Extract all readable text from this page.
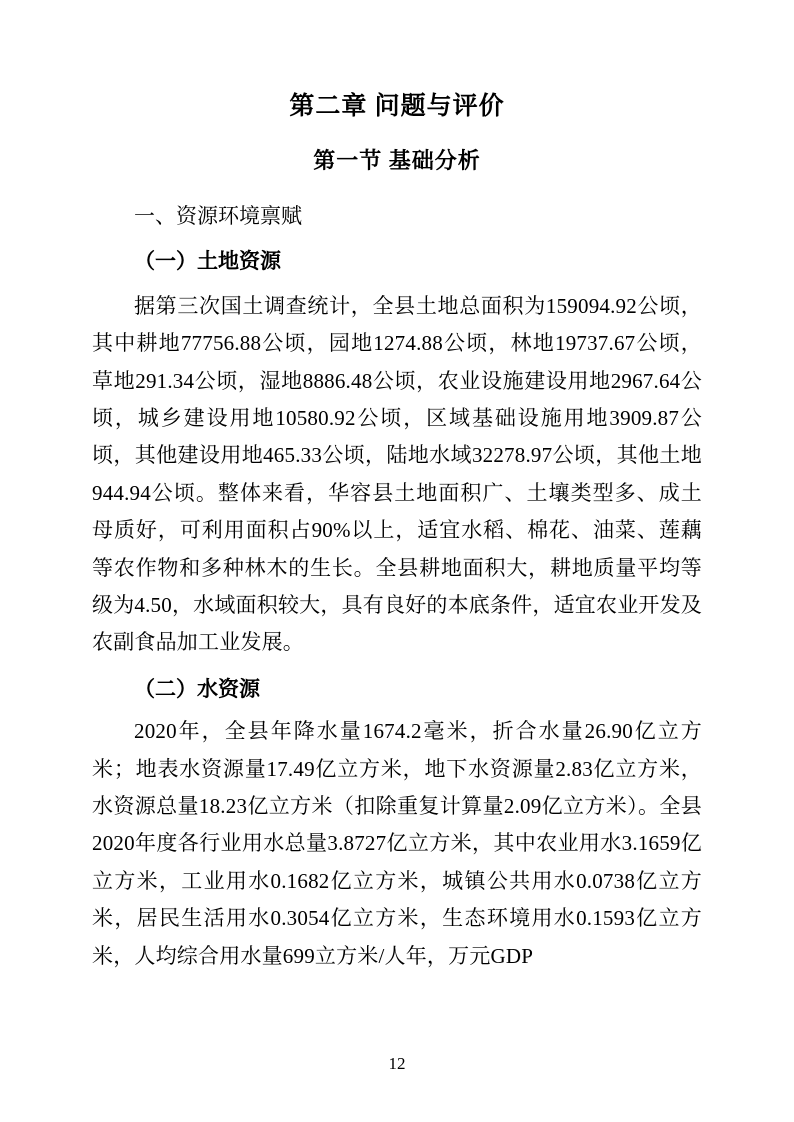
第二章 问题与评价
第一节 基础分析
一、资源环境禀赋
（一）土地资源

据第三次国土调查统计，全县土地总面积为159094.92公顷，其中耕地77756.88公顷，园地1274.88公顷，林地19737.67公顷，草地291.34公顷，湿地8886.48公顷，农业设施建设用地2967.64公顷，城乡建设用地10580.92公顷，区域基础设施用地3909.87公顷，其他建设用地465.33公顷，陆地水域32278.97公顷，其他土地944.94公顷。整体来看，华容县土地面积广、土壤类型多、成土母质好，可利用面积占90%以上，适宜水稻、棉花、油菜、莲藕等农作物和多种林木的生长。全县耕地面积大，耕地质量平均等级为4.50，水域面积较大，具有良好的本底条件，适宜农业开发及农副食品加工业发展。

（二）水资源

2020年，全县年降水量1674.2毫米，折合水量26.90亿立方米；地表水资源量17.49亿立方米，地下水资源量2.83亿立方米，水资源总量18.23亿立方米（扣除重复计算量2.09亿立方米）。全县2020年度各行业用水总量3.8727亿立方米，其中农业用水3.1659亿立方米，工业用水0.1682亿立方米，城镇公共用水0.0738亿立方米，居民生活用水0.3054亿立方米，生态环境用水0.1593亿立方米，人均综合用水量699立方米/人年，万元GDP

12
